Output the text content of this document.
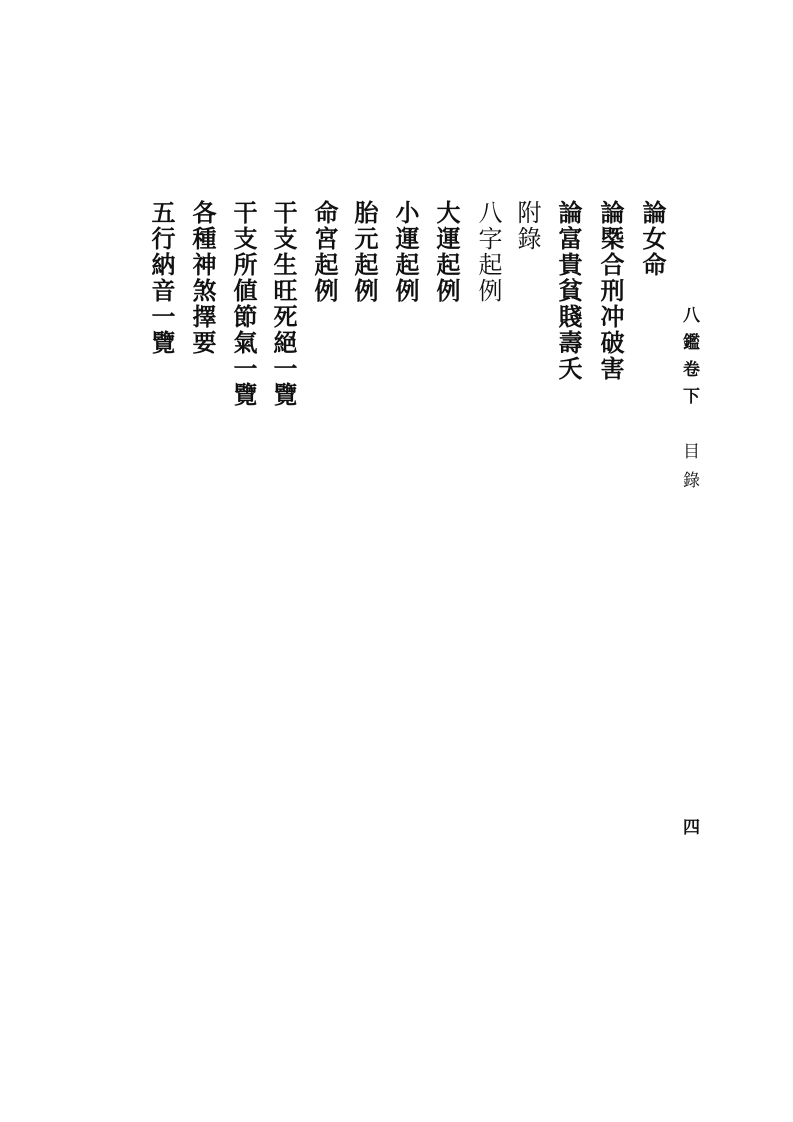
八鑑卷下
目錄
四
論女命
論㮣合刑冲破害
論富貴貧賤壽夭
附錄
八字起例
大運起例
小運起例
胎元起例
命宮起例
干支生旺死絕一覽
干支所値節氣一覽
各種神煞擇要
五行納音一覽
